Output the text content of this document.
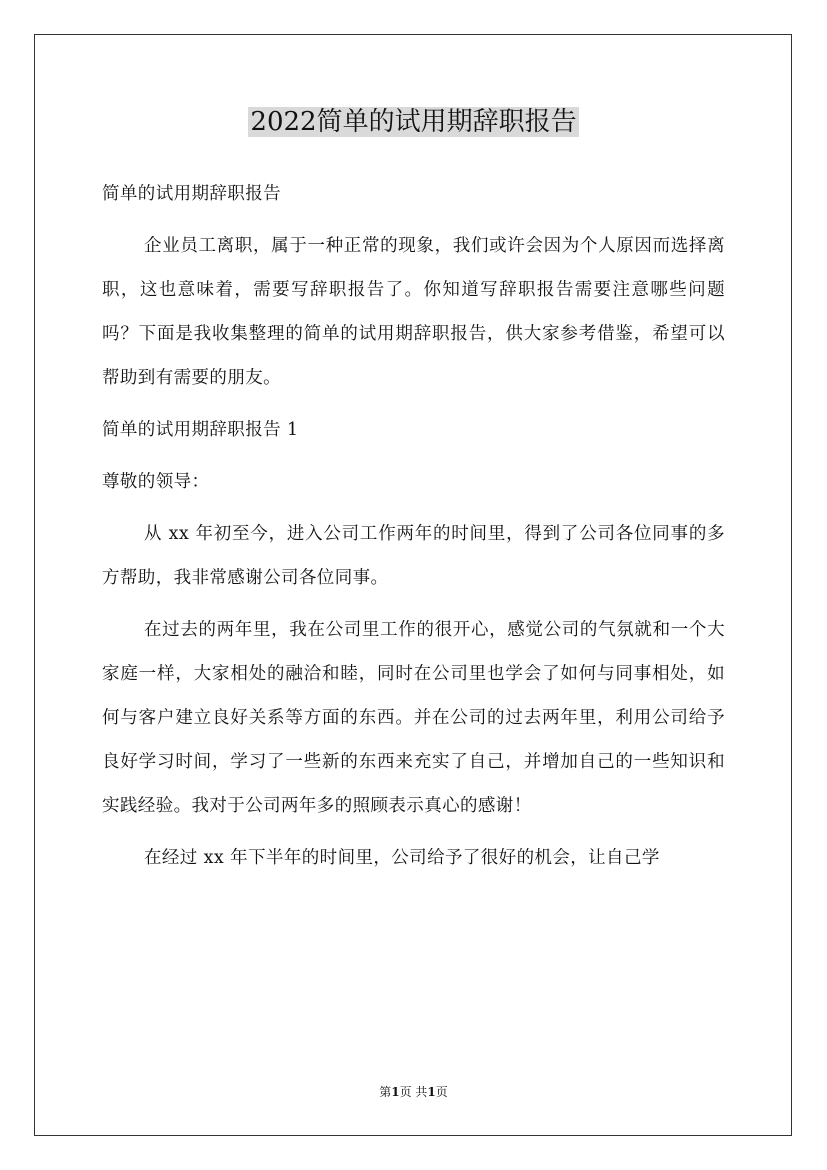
2022简单的试用期辞职报告

简单的试用期辞职报告

企业员工离职，属于一种正常的现象，我们或许会因为个人原因而选择离职，这也意味着，需要写辞职报告了。你知道写辞职报告需要注意哪些问题吗？下面是我收集整理的简单的试用期辞职报告，供大家参考借鉴，希望可以帮助到有需要的朋友。

简单的试用期辞职报告 1

尊敬的领导：

从 xx 年初至今，进入公司工作两年的时间里，得到了公司各位同事的多方帮助，我非常感谢公司各位同事。

在过去的两年里，我在公司里工作的很开心，感觉公司的气氛就和一个大家庭一样，大家相处的融洽和睦，同时在公司里也学会了如何与同事相处，如何与客户建立良好关系等方面的东西。并在公司的过去两年里，利用公司给予良好学习时间，学习了一些新的东西来充实了自己，并增加自己的一些知识和实践经验。我对于公司两年多的照顾表示真心的感谢！

在经过 xx 年下半年的时间里，公司给予了很好的机会，让自己学

第1页 共1页
